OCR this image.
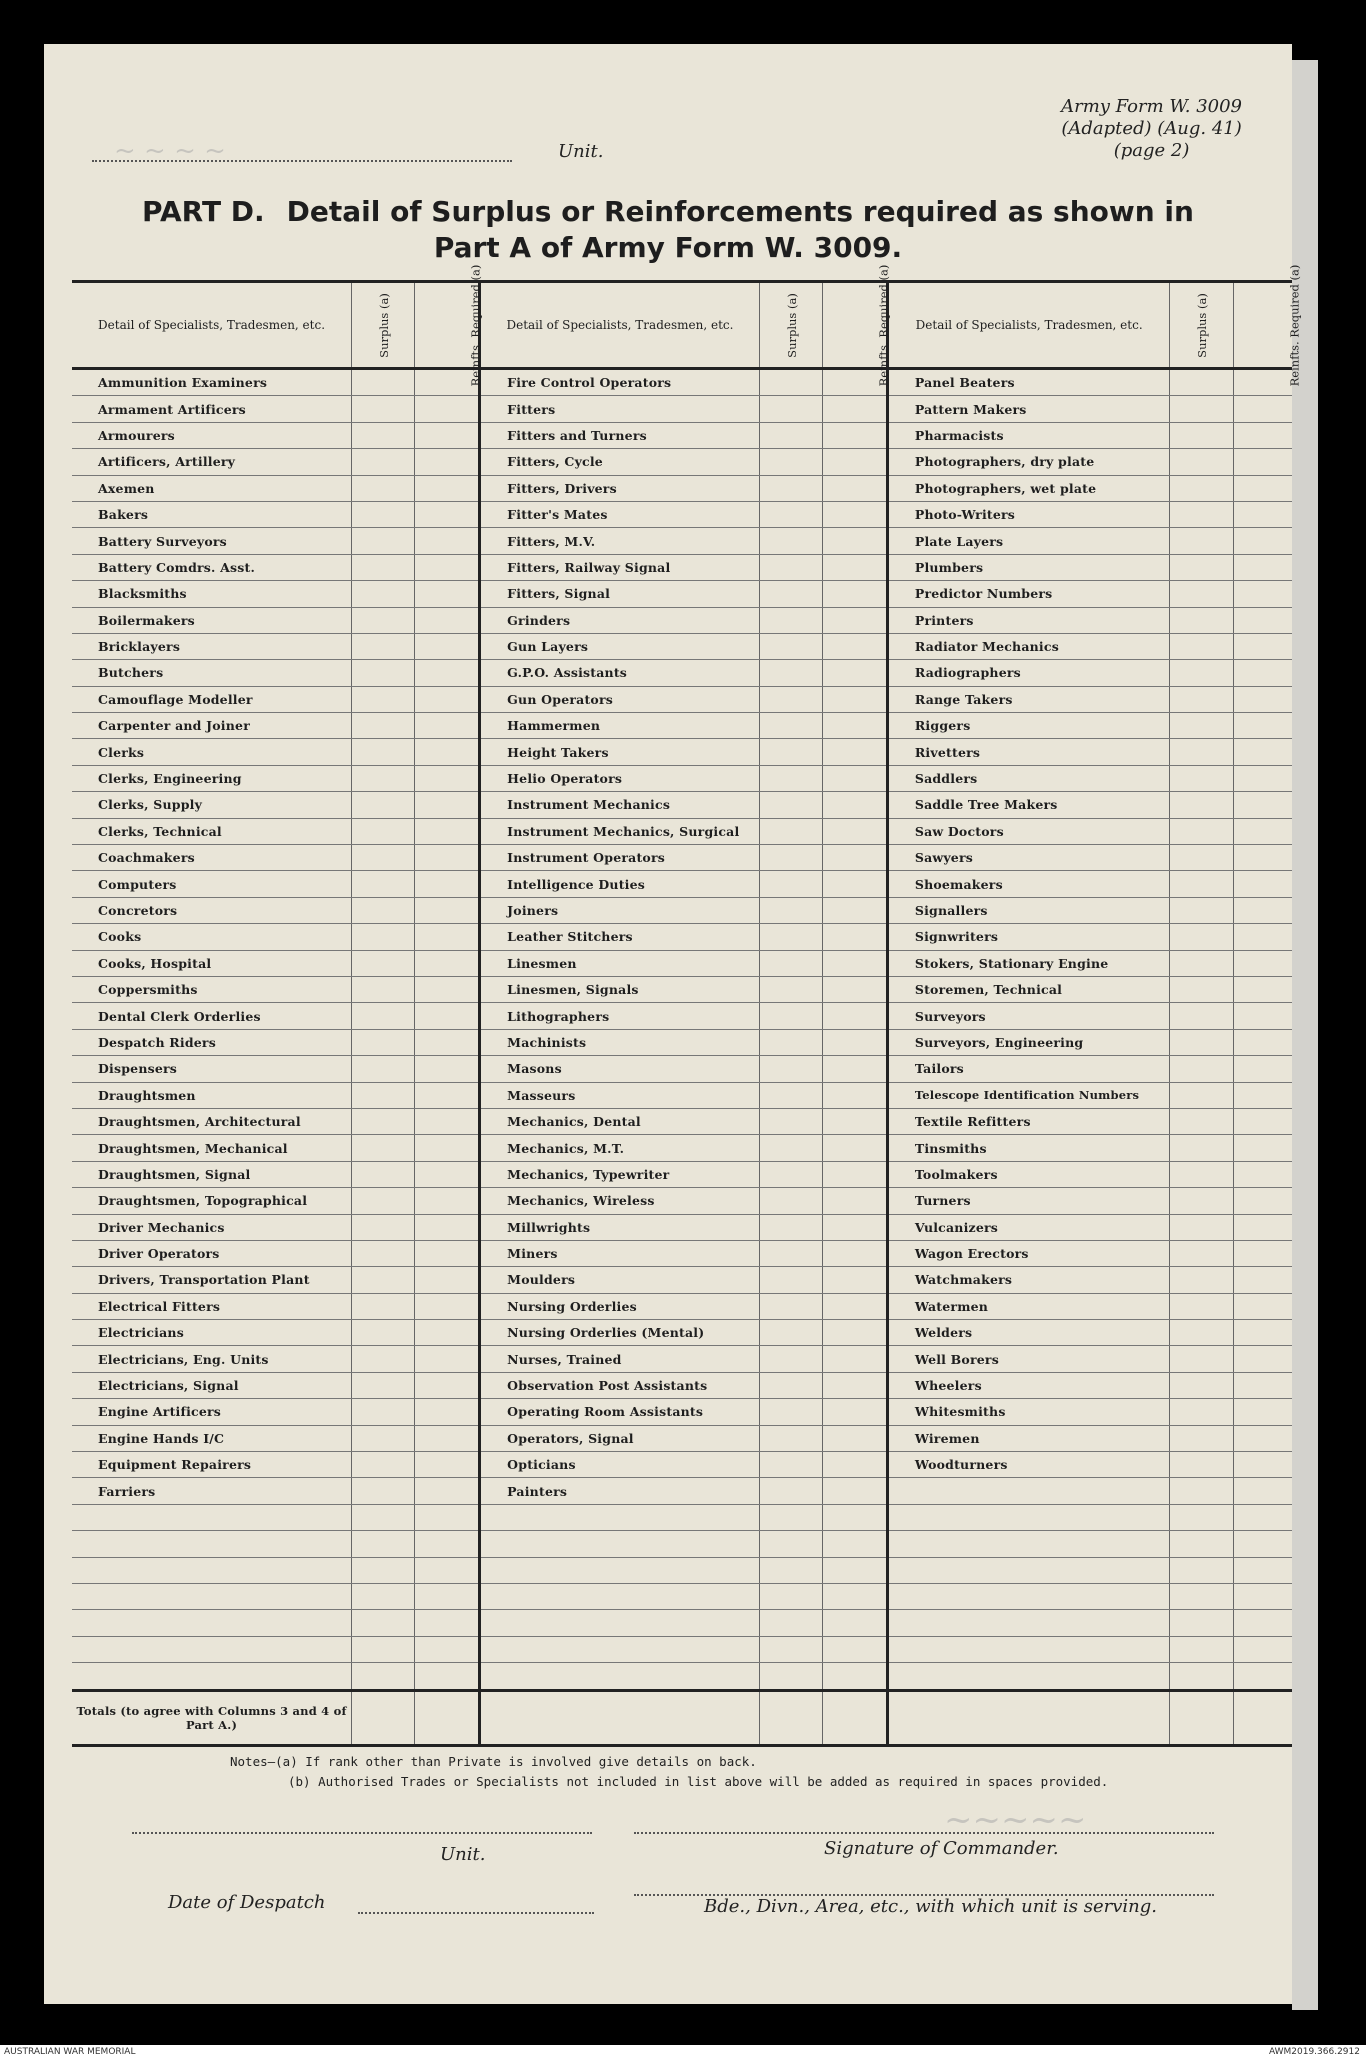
Army Form W. 3009
(Adapted) (Aug. 41)
(page 2)
Unit.
~ ~ ~ ~
PART D. Detail of Surplus or Reinforcements required as shown in
Part A of Army Form W. 3009.
Detail of Specialists, Tradesmen, etc.	Surplus (a)	Reinfts. Required (a)	Detail of Specialists, Tradesmen, etc.	Surplus (a)	Reinfts. Required (a)	Detail of Specialists, Tradesmen, etc.	Surplus (a)	Reinfts. Required (a)
Ammunition Examiners			Fire Control Operators			Panel Beaters		
Armament Artificers			Fitters			Pattern Makers		
Armourers			Fitters and Turners			Pharmacists		
Artificers, Artillery			Fitters, Cycle			Photographers, dry plate		
Axemen			Fitters, Drivers			Photographers, wet plate		
Bakers			Fitter's Mates			Photo-Writers		
Battery Surveyors			Fitters, M.V.			Plate Layers		
Battery Comdrs. Asst.			Fitters, Railway Signal			Plumbers		
Blacksmiths			Fitters, Signal			Predictor Numbers		
Boilermakers			Grinders			Printers		
Bricklayers			Gun Layers			Radiator Mechanics		
Butchers			G.P.O. Assistants			Radiographers		
Camouflage Modeller			Gun Operators			Range Takers		
Carpenter and Joiner			Hammermen			Riggers		
Clerks			Height Takers			Rivetters		
Clerks, Engineering			Helio Operators			Saddlers		
Clerks, Supply			Instrument Mechanics			Saddle Tree Makers		
Clerks, Technical			Instrument Mechanics, Surgical			Saw Doctors		
Coachmakers			Instrument Operators			Sawyers		
Computers			Intelligence Duties			Shoemakers		
Concretors			Joiners			Signallers		
Cooks			Leather Stitchers			Signwriters		
Cooks, Hospital			Linesmen			Stokers, Stationary Engine		
Coppersmiths			Linesmen, Signals			Storemen, Technical		
Dental Clerk Orderlies			Lithographers			Surveyors		
Despatch Riders			Machinists			Surveyors, Engineering		
Dispensers			Masons			Tailors		
Draughtsmen			Masseurs			Telescope Identification Numbers		
Draughtsmen, Architectural			Mechanics, Dental			Textile Refitters		
Draughtsmen, Mechanical			Mechanics, M.T.			Tinsmiths		
Draughtsmen, Signal			Mechanics, Typewriter			Toolmakers		
Draughtsmen, Topographical			Mechanics, Wireless			Turners		
Driver Mechanics			Millwrights			Vulcanizers		
Driver Operators			Miners			Wagon Erectors		
Drivers, Transportation Plant			Moulders			Watchmakers		
Electrical Fitters			Nursing Orderlies			Watermen		
Electricians			Nursing Orderlies (Mental)			Welders		
Electricians, Eng. Units			Nurses, Trained			Well Borers		
Electricians, Signal			Observation Post Assistants			Wheelers		
Engine Artificers			Operating Room Assistants			Whitesmiths		
Engine Hands I/C			Operators, Signal			Wiremen		
Equipment Repairers			Opticians			Woodturners		
Farriers			Painters					

Totals (to agree with Columns 3 and 4 of Part A.)								
Notes—(a) If rank other than Private is involved give details on back.
(b) Authorised Trades or Specialists not included in list above will be added as required in spaces provided.
Unit.	Signature of Commander.
Date of Despatch	Bde., Divn., Area, etc., with which unit is serving.
~~~~~
AUSTRALIAN WAR MEMORIAL	AWM2019.366.2912
